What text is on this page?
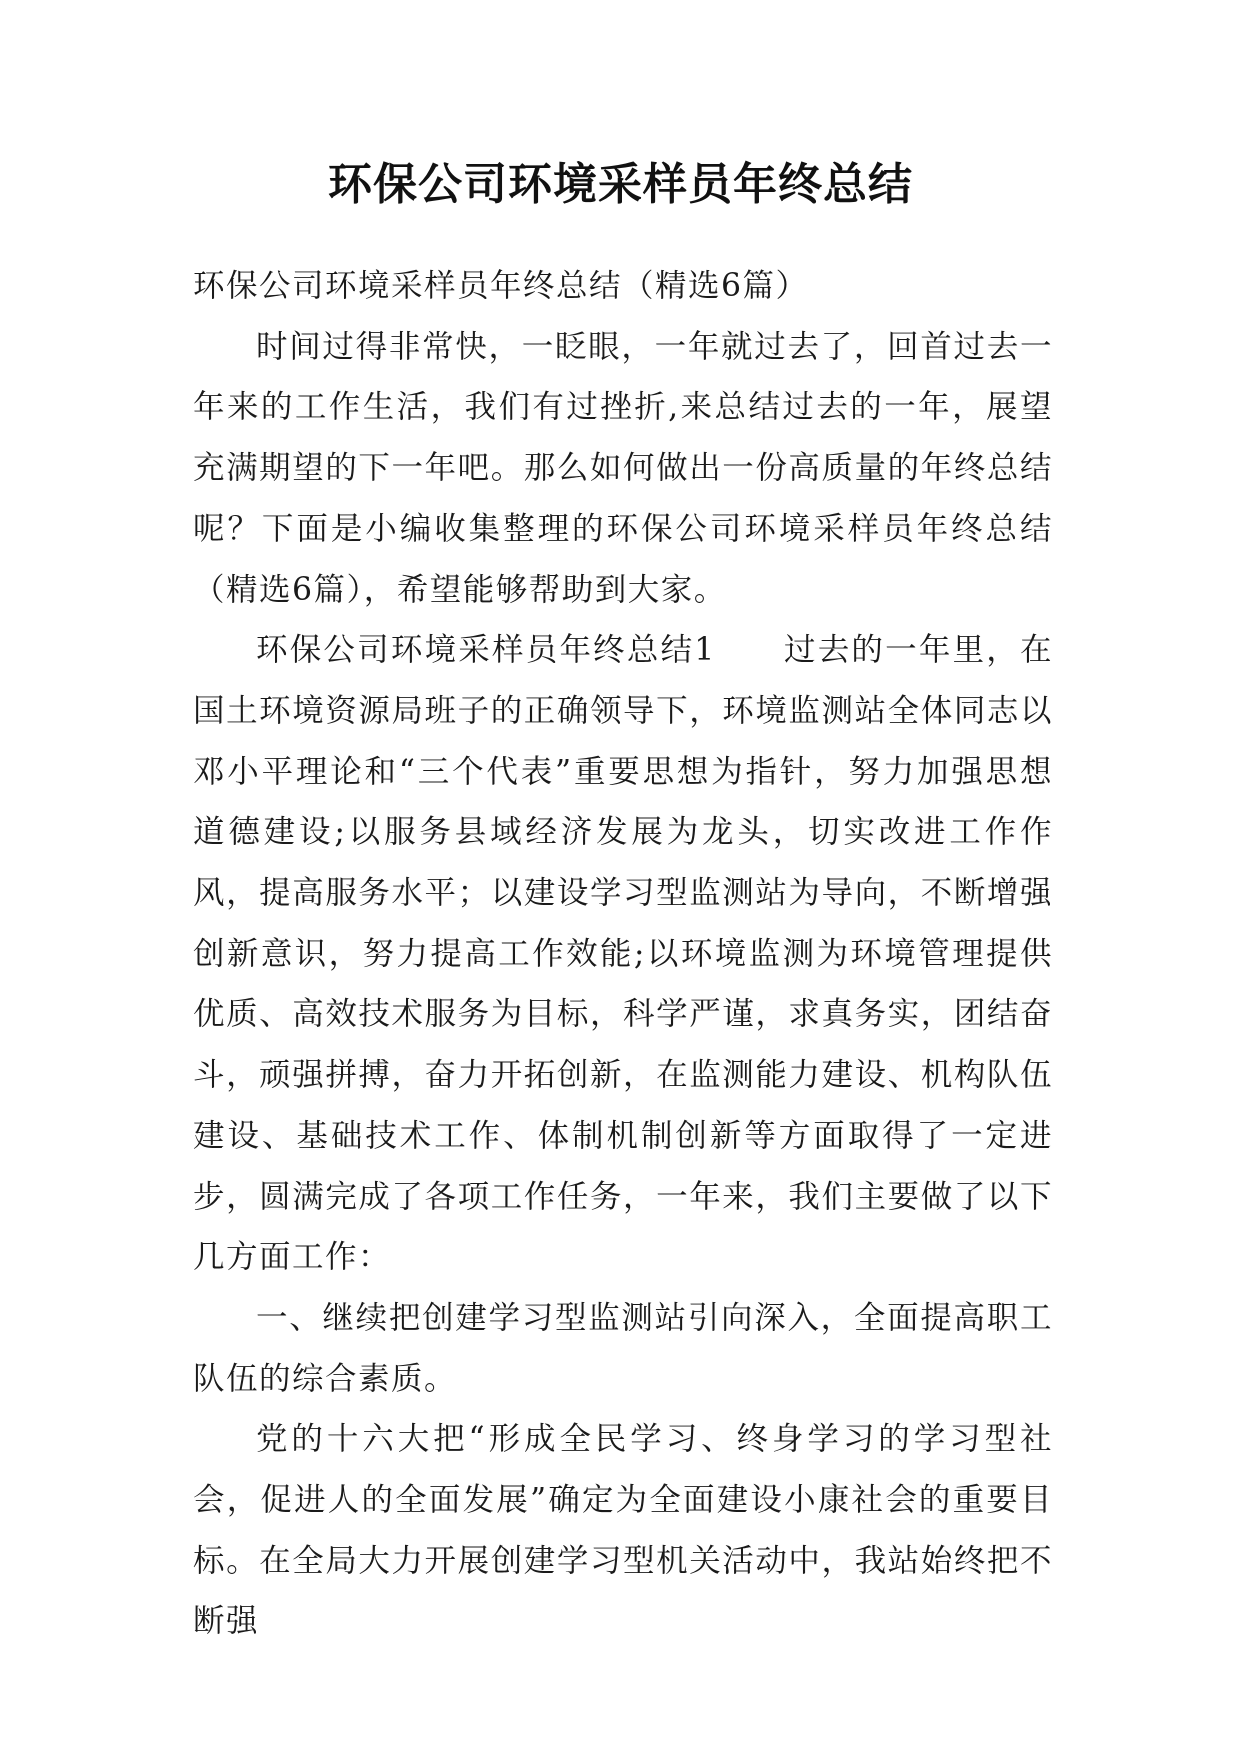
环保公司环境采样员年终总结

环保公司环境采样员年终总结（精选6篇）

时间过得非常快，一眨眼，一年就过去了，回首过去一年来的工作生活，我们有过挫折,来总结过去的一年，展望充满期望的下一年吧。那么如何做出一份高质量的年终总结呢？下面是小编收集整理的环保公司环境采样员年终总结（精选6篇），希望能够帮助到大家。

环保公司环境采样员年终总结1　　过去的一年里，在国土环境资源局班子的正确领导下，环境监测站全体同志以邓小平理论和“三个代表”重要思想为指针，努力加强思想道德建设;以服务县域经济发展为龙头，切实改进工作作风，提高服务水平；以建设学习型监测站为导向，不断增强创新意识，努力提高工作效能;以环境监测为环境管理提供优质、高效技术服务为目标，科学严谨，求真务实，团结奋斗，顽强拼搏，奋力开拓创新，在监测能力建设、机构队伍建设、基础技术工作、体制机制创新等方面取得了一定进步，圆满完成了各项工作任务，一年来，我们主要做了以下几方面工作：

一、继续把创建学习型监测站引向深入，全面提高职工队伍的综合素质。

党的十六大把“形成全民学习、终身学习的学习型社会，促进人的全面发展”确定为全面建设小康社会的重要目标。在全局大力开展创建学习型机关活动中，我站始终把不断强
